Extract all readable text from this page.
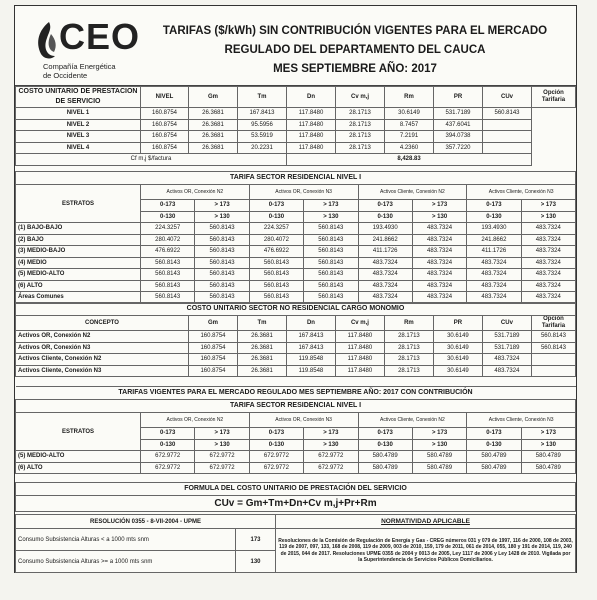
CEO
Compañía Energética
de Occidente
TARIFAS ($/kWh) SIN CONTRIBUCIÓN VIGENTES PARA EL MERCADO
REGULADO DEL DEPARTAMENTO DEL CAUCA
MES SEPTIEMBRE AÑO: 2017
COSTO UNITARIO DE PRESTACION DE SERVICIO	NIVEL	Gm	Tm	Dn	Cv m,j	Rm	PR	CUv	Opción Tarifaria
NIVEL 1	160.8754	26.3681	167.8413	117.8480	28.1713	30.6149	531.7189	560.8143	
NIVEL 2	160.8754	26.3681	95.5956	117.8480	28.1713	8.7457	437.6041		
NIVEL 3	160.8754	26.3681	53.5919	117.8480	28.1713	7.2191	394.0738		
NIVEL 4	160.8754	26.3681	20.2231	117.8480	28.1713	4.2360	357.7220		
Cf m,j $/factura				8,428.83					
TARIFA SECTOR RESIDENCIAL NIVEL I								
ESTRATOS	Activos OR, Conexión N2		Activos OR, Conexión N3		Activos Cliente, Conexión N2		Activos Cliente, Conexión N3	
	0-173	> 173	0-173	> 173	0-173	> 173	0-173	> 173
	0-130	> 130	0-130	> 130	0-130	> 130	0-130	> 130
(1) BAJO-BAJO	224.3257	560.8143	224.3257	560.8143	193.4930	483.7324	193.4930	483.7324
(2) BAJO	280.4072	560.8143	280.4072	560.8143	241.8662	483.7324	241.8662	483.7324
(3) MEDIO-BAJO	476.6922	560.8143	476.6922	560.8143	411.1726	483.7324	411.1726	483.7324
(4) MEDIO	560.8143	560.8143	560.8143	560.8143	483.7324	483.7324	483.7324	483.7324
(5) MEDIO-ALTO	560.8143	560.8143	560.8143	560.8143	483.7324	483.7324	483.7324	483.7324
(6) ALTO	560.8143	560.8143	560.8143	560.8143	483.7324	483.7324	483.7324	483.7324
Áreas Comunes	560.8143	560.8143	560.8143	560.8143	483.7324	483.7324	483.7324	483.7324
COSTO UNITARIO SECTOR NO RESIDENCIAL CARGO MONOMIO								
CONCEPTO	Gm	Tm	Dn	Cv m,j	Rm	PR	CUv	Opción Tarifaria
Activos OR, Conexión N2	160.8754	26.3681	167.8413	117.8480	28.1713	30.6149	531.7189	560.8143
Activos OR, Conexión N3	160.8754	26.3681	167.8413	117.8480	28.1713	30.6149	531.7189	560.8143
Activos Cliente, Conexión N2	160.8754	26.3681	119.8548	117.8480	28.1713	30.6149	483.7324	
Activos Cliente, Conexión N3	160.8754	26.3681	119.8548	117.8480	28.1713	30.6149	483.7324	
TARIFAS VIGENTES PARA EL MERCADO REGULADO MES SEPTIEMBRE AÑO: 2017 CON CONTRIBUCIÓN								
TARIFA SECTOR RESIDENCIAL NIVEL I								
ESTRATOS	Activos OR, Conexión N2		Activos OR, Conexión N3		Activos Cliente, Conexión N2		Activos Cliente, Conexión N3	
	0-173	> 173	0-173	> 173	0-173	> 173	0-173	> 173
	0-130	> 130	0-130	> 130	0-130	> 130	0-130	> 130
(5) MEDIO-ALTO	672.9772	672.9772	672.9772	672.9772	580.4789	580.4789	580.4789	580.4789
(6) ALTO	672.9772	672.9772	672.9772	672.9772	580.4789	580.4789	580.4789	580.4789
FORMULA DEL COSTO UNITARIO DE PRESTACIÓN DEL SERVICIO
CUv = Gm+Tm+Dn+Cv m,j+Pr+Rm
RESOLUCIÓN 0355 - 8-VII-2004 - UPME		NORMATIVIDAD APLICABLE
Consumo Subsistencia Alturas < a 1000 mts snm	173	Resoluciones de la Comisión de Regulación de Energía y Gas - CREG números 031 y 079 de 1997, 116 de 2000, 108 de 2003, 119 de 2007, 097, 133, 168 de 2008, 119 de 2009, 003 de 2010, 159, 179 de 2011, 061 de 2014, 055, 180 y 191 de 2014, 119, 240 de 2015, 044 de 2017. Resoluciones UPME 0355 de 2004 y 0013 de 2005, Ley 1117 de 2006 y Ley 1428 de 2010. Vigilada por la Superintendencia de Servicios Públicos Domiciliarios.
Consumo Subsistencia Alturas >= a 1000 mts snm	130	
